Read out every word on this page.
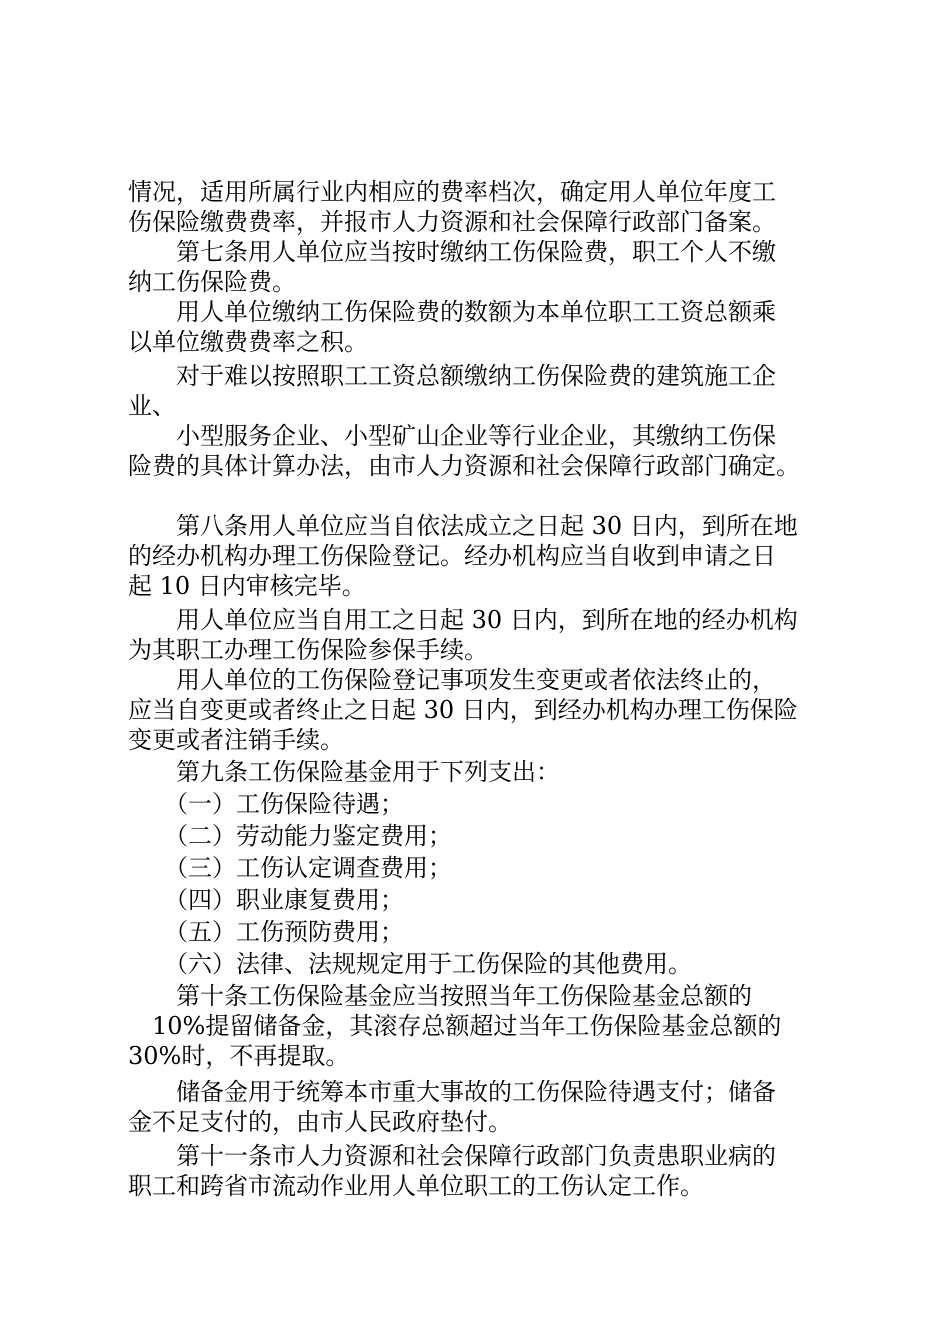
情况，适用所属行业内相应的费率档次，确定用人单位年度工
伤保险缴费费率，并报市人力资源和社会保障行政部门备案。
　　第七条用人单位应当按时缴纳工伤保险费，职工个人不缴
纳工伤保险费。
　　用人单位缴纳工伤保险费的数额为本单位职工工资总额乘
以单位缴费费率之积。
　　对于难以按照职工工资总额缴纳工伤保险费的建筑施工企
业、
　　小型服务企业、小型矿山企业等行业企业，其缴纳工伤保
险费的具体计算办法，由市人力资源和社会保障行政部门确定。
　　第八条用人单位应当自依法成立之日起 30 日内，到所在地
的经办机构办理工伤保险登记。经办机构应当自收到申请之日
起 10 日内审核完毕。
　　用人单位应当自用工之日起 30 日内，到所在地的经办机构
为其职工办理工伤保险参保手续。
　　用人单位的工伤保险登记事项发生变更或者依法终止的，
应当自变更或者终止之日起 30 日内，到经办机构办理工伤保险
变更或者注销手续。
　　第九条工伤保险基金用于下列支出：
　　（一）工伤保险待遇；
　　（二）劳动能力鉴定费用；
　　（三）工伤认定调查费用；
　　（四）职业康复费用；
　　（五）工伤预防费用；
　　（六）法律、法规规定用于工伤保险的其他费用。
　　第十条工伤保险基金应当按照当年工伤保险基金总额的
　10%提留储备金，其滚存总额超过当年工伤保险基金总额的
30%时，不再提取。
　　储备金用于统筹本市重大事故的工伤保险待遇支付；储备
金不足支付的，由市人民政府垫付。
　　第十一条市人力资源和社会保障行政部门负责患职业病的
职工和跨省市流动作业用人单位职工的工伤认定工作。
